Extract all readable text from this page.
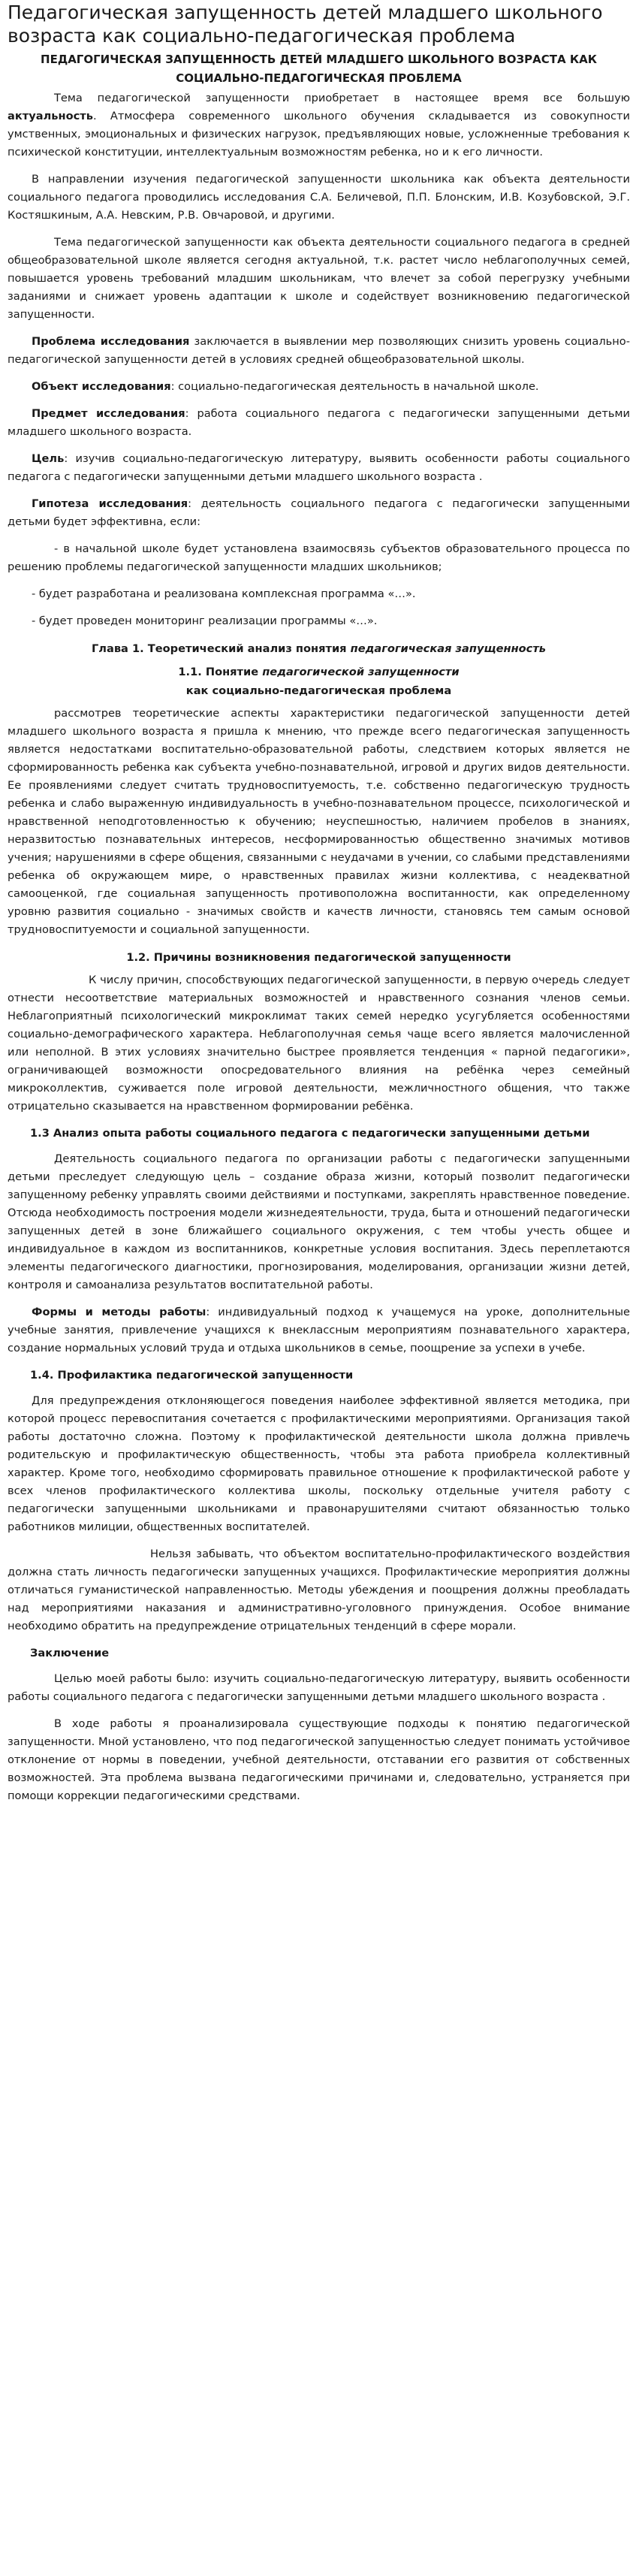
Педагогическая запущенность детей младшего школьного возраста как социально-педагогическая проблема
ПЕДАГОГИЧЕСКАЯ ЗАПУЩЕННОСТЬ ДЕТЕЙ МЛАДШЕГО ШКОЛЬНОГО ВОЗРАСТА КАК СОЦИАЛЬНО-ПЕДАГОГИЧЕСКАЯ ПРОБЛЕМА

Тема педагогической запущенности приобретает в настоящее время все большую актуальность. Атмосфера современного школьного обучения складывается из совокупности умственных, эмоциональных и физических нагрузок, предъявляющих новые, усложненные требования к психической конституции, интеллектуальным возможностям ребенка, но и к его личности.

В направлении изучения педагогической запущенности школьника как объекта деятельности социального педагога проводились исследования С.А. Беличевой, П.П. Блонским, И.В. Козубовской, Э.Г. Костяшкиным, А.А. Невским, Р.В. Овчаровой, и другими.

Тема педагогической запущенности как объекта деятельности социального педагога в средней общеобразовательной школе является сегодня актуальной, т.к. растет число неблагополучных семей, повышается уровень требований младшим школьникам, что влечет за собой перегрузку учебными заданиями и снижает уровень адаптации к школе и содействует возникновению педагогической запущенности.

Проблема исследования заключается в выявлении мер позволяющих снизить уровень социально-педагогической запущенности детей в условиях средней общеобразовательной школы.

Объект исследования: социально-педагогическая деятельность в начальной школе.

Предмет исследования: работа социального педагога с педагогически запущенными детьми младшего школьного возраста.

Цель: изучив социально-педагогическую литературу, выявить особенности работы социального педагога с педагогически запущенными детьми младшего школьного возраста .

Гипотеза исследования: деятельность социального педагога с педагогически запущенными детьми будет эффективна, если:

- в начальной школе будет установлена взаимосвязь субъектов образовательного процесса по решению проблемы педагогической запущенности младших школьников;

- будет разработана и реализована комплексная программа «…».

- будет проведен мониторинг реализации программы «…».

Глава 1. Теоретический анализ понятия педагогическая запущенность
1.1. Понятие педагогической запущенности
как социально-педагогическая проблема

рассмотрев теоретические аспекты характеристики педагогической запущенности детей младшего школьного возраста я пришла к мнению, что прежде всего педагогическая запущенность является недостатками воспитательно-образовательной работы, следствием которых является не сформированность ребенка как субъекта учебно-познавательной, игровой и других видов деятельности. Ее проявлениями следует считать трудновоспитуемость, т.е. собственно педагогическую трудность ребенка и слабо выраженную индивидуальность в учебно-познавательном процессе, психологической и нравственной неподготовленностью к обучению; неуспешностью, наличием пробелов в знаниях, неразвитостью познавательных интересов, несформированностью общественно значимых мотивов учения; нарушениями в сфере общения, связанными с неудачами в учении, со слабыми представлениями ребенка об окружающем мире, о нравственных правилах жизни коллектива, с неадекватной самооценкой, где социальная запущенность противоположна воспитанности, как определенному уровню развития социально - значимых свойств и качеств личности, становясь тем самым основой трудновоспитуемости и социальной запущенности.

1.2. Причины возникновения педагогической запущенности

К числу причин, способствующих педагогической запущенности, в первую очередь следует отнести несоответствие материальных возможностей и нравственного сознания членов семьи. Неблагоприятный психологический микроклимат таких семей нередко усугубляется особенностями социально-демографического характера. Неблагополучная семья чаще всего является малочисленной или неполной. В этих условиях значительно быстрее проявляется тенденция « парной педагогики», ограничивающей возможности опосредовательного влияния на ребёнка через семейный микроколлектив, суживается поле игровой деятельности, межличностного общения, что также отрицательно сказывается на нравственном формировании ребёнка.

1.3 Анализ опыта работы социального педагога с педагогически запущенными детьми

Деятельность социального педагога по организации работы с педагогически запущенными детьми преследует следующую цель – создание образа жизни, который позволит педагогически запущенному ребенку управлять своими действиями и поступками, закреплять нравственное поведение. Отсюда необходимость построения модели жизнедеятельности, труда, быта и отношений педагогически запущенных детей в зоне ближайшего социального окружения, с тем чтобы учесть общее и индивидуальное в каждом из воспитанников, конкретные условия воспитания. Здесь переплетаются элементы педагогического диагностики, прогнозирования, моделирования, организации жизни детей, контроля и самоанализа результатов воспитательной работы.

Формы и методы работы: индивидуальный подход к учащемуся на уроке, дополнительные учебные занятия, привлечение учащихся к внеклассным мероприятиям познавательного характера, создание нормальных условий труда и отдыха школьников в семье, поощрение за успехи в учебе.

1.4. Профилактика педагогической запущенности

Для предупреждения отклоняющегося поведения наиболее эффективной является методика, при которой процесс перевоспитания сочетается с профилактическими мероприятиями. Организация такой работы достаточно сложна. Поэтому к профилактической деятельности школа должна привлечь родительскую и профилактическую общественность, чтобы эта работа приобрела коллективный характер. Кроме того, необходимо сформировать правильное отношение к профилактической работе у всех членов профилактического коллектива школы, поскольку отдельные учителя работу с педагогически запущенными школьниками и правонарушителями считают обязанностью только работников милиции, общественных воспитателей.

Нельзя забывать, что объектом воспитательно-профилактического воздействия должна стать личность педагогически запущенных учащихся. Профилактические мероприятия должны отличаться гуманистической направленностью. Методы убеждения и поощрения должны преобладать над мероприятиями наказания и административно-уголовного принуждения. Особое внимание необходимо обратить на предупреждение отрицательных тенденций в сфере морали.

Заключение

Целью моей работы было: изучить социально-педагогическую литературу, выявить особенности работы социального педагога с педагогически запущенными детьми младшего школьного возраста .

В ходе работы я проанализировала существующие подходы к понятию педагогической запущенности. Мной установлено, что под педагогической запущенностью следует понимать устойчивое отклонение от нормы в поведении, учебной деятельности, отставании его развития от собственных возможностей. Эта проблема вызвана педагогическими причинами и, следовательно, устраняется при помощи коррекции педагогическими средствами.
